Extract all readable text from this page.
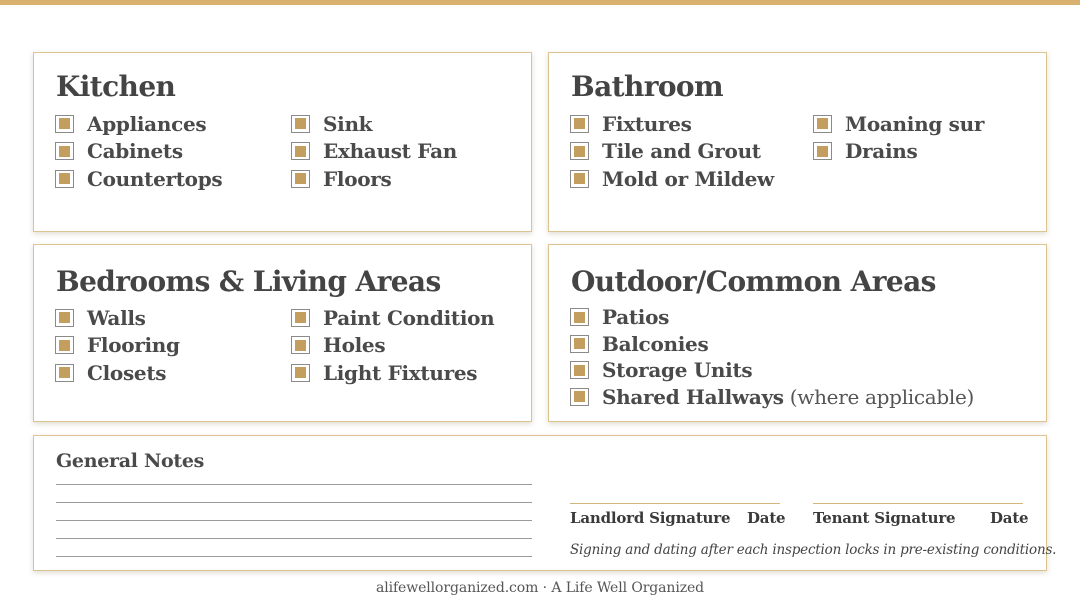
Kitchen
Appliances
Cabinets
Countertops
Sink
Exhaust Fan
Floors
Bathroom
Fixtures
Tile and Grout
Mold or Mildew
Moaning sur
Drains
Bedrooms & Living Areas
Walls
Flooring
Closets
Paint Condition
Holes
Light Fixtures
Outdoor/Common Areas
Patios
Balconies
Storage Units
Shared Hallways (where applicable)
General Notes
Landlord Signature Date Tenant Signature Date
Signing and dating after each inspection locks in pre-existing conditions.
alifewellorganized.com · A Life Well Organized
